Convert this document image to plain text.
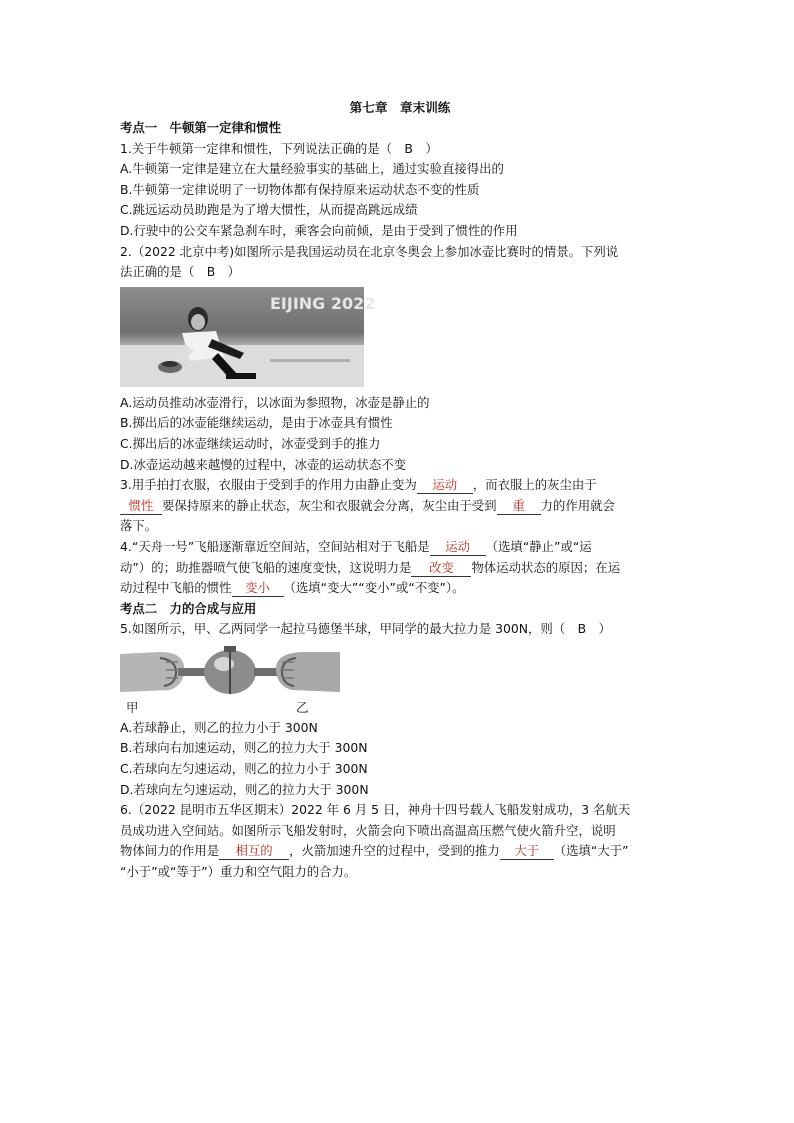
第七章　章末训练
考点一　牛顿第一定律和惯性
1.关于牛顿第一定律和惯性，下列说法正确的是（　B　）
A.牛顿第一定律是建立在大量经验事实的基础上，通过实验直接得出的
B.牛顿第一定律说明了一切物体都有保持原来运动状态不变的性质
C.跳远运动员助跑是为了增大惯性，从而提高跳远成绩
D.行驶中的公交车紧急刹车时，乘客会向前倾，是由于受到了惯性的作用
2.（2022 北京中考)如图所示是我国运动员在北京冬奥会上参加冰壶比赛时的情景。下列说
法正确的是（　B　）
EIJING 2022
A.运动员推动冰壶滑行，以冰面为参照物，冰壶是静止的
B.掷出后的冰壶能继续运动，是由于冰壶具有惯性
C.掷出后的冰壶继续运动时，冰壶受到手的推力
D.冰壶运动越来越慢的过程中，冰壶的运动状态不变
3.用手拍打衣服，衣服由于受到手的作用力由静止变为 运动 ，而衣服上的灰尘由于
惯性 要保持原来的静止状态，灰尘和衣服就会分离，灰尘由于受到 重 力的作用就会
落下。
4.“天舟一号”飞船逐渐靠近空间站，空间站相对于飞船是 运动 （选填“静止”或“运
动”）的；助推器喷气使飞船的速度变快，这说明力是 改变 物体运动状态的原因；在运
动过程中飞船的惯性 变小 （选填“变大”“变小”或“不变”）。
考点二　力的合成与应用
5.如图所示，甲、乙两同学一起拉马德堡半球，甲同学的最大拉力是 300N，则（　B　）
甲	乙
A.若球静止，则乙的拉力小于 300N
B.若球向右加速运动，则乙的拉力大于 300N
C.若球向左匀速运动，则乙的拉力小于 300N
D.若球向左匀速运动，则乙的拉力大于 300N
6.（2022 昆明市五华区期末）2022 年 6 月 5 日，神舟十四号载人飞船发射成功，3 名航天
员成功进入空间站。如图所示飞船发射时，火箭会向下喷出高温高压燃气使火箭升空，说明
物体间力的作用是 相互的 ，火箭加速升空的过程中，受到的推力 大于 （选填“大于”
“小于”或“等于”）重力和空气阻力的合力。
